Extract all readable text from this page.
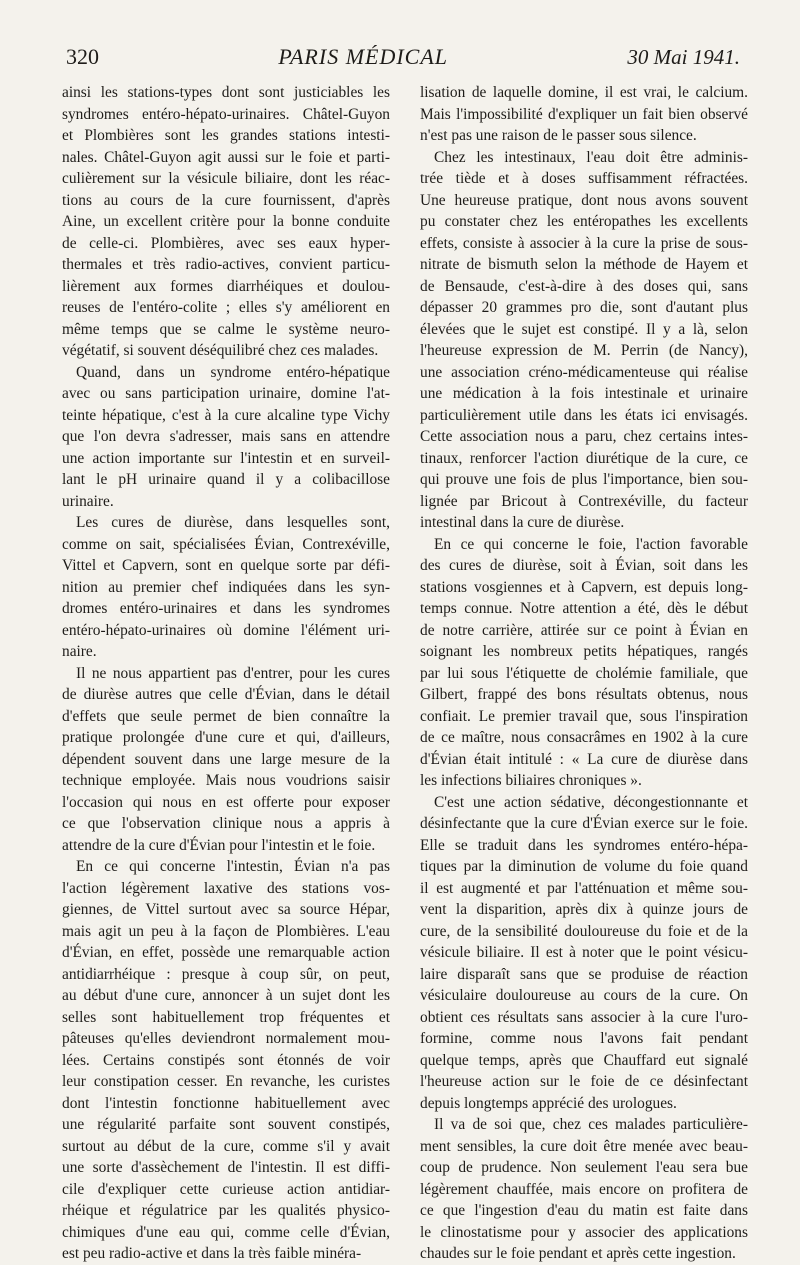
320	PARIS MÉDICAL	30 Mai 1941.

ainsi les stations-types dont sont justiciables les
syndromes entéro-hépato-urinaires. Châtel-Guyon
et Plombières sont les grandes stations intesti-
nales. Châtel-Guyon agit aussi sur le foie et parti-
culièrement sur la vésicule biliaire, dont les réac-
tions au cours de la cure fournissent, d'après
Aine, un excellent critère pour la bonne conduite
de celle-ci. Plombières, avec ses eaux hyper-
thermales et très radio-actives, convient particu-
lièrement aux formes diarrhéiques et doulou-
reuses de l'entéro-colite ; elles s'y améliorent en
même temps que se calme le système neuro-
végétatif, si souvent déséquilibré chez ces malades.

Quand, dans un syndrome entéro-hépatique
avec ou sans participation urinaire, domine l'at-
teinte hépatique, c'est à la cure alcaline type Vichy
que l'on devra s'adresser, mais sans en attendre
une action importante sur l'intestin et en surveil-
lant le pH urinaire quand il y a colibacillose
urinaire.

Les cures de diurèse, dans lesquelles sont,
comme on sait, spécialisées Évian, Contrexéville,
Vittel et Capvern, sont en quelque sorte par défi-
nition au premier chef indiquées dans les syn-
dromes entéro-urinaires et dans les syndromes
entéro-hépato-urinaires où domine l'élément uri-
naire.

Il ne nous appartient pas d'entrer, pour les cures
de diurèse autres que celle d'Évian, dans le détail
d'effets que seule permet de bien connaître la
pratique prolongée d'une cure et qui, d'ailleurs,
dépendent souvent dans une large mesure de la
technique employée. Mais nous voudrions saisir
l'occasion qui nous en est offerte pour exposer
ce que l'observation clinique nous a appris à
attendre de la cure d'Évian pour l'intestin et le foie.

En ce qui concerne l'intestin, Évian n'a pas
l'action légèrement laxative des stations vos-
giennes, de Vittel surtout avec sa source Hépar,
mais agit un peu à la façon de Plombières. L'eau
d'Évian, en effet, possède une remarquable action
antidiarrhéique : presque à coup sûr, on peut,
au début d'une cure, annoncer à un sujet dont les
selles sont habituellement trop fréquentes et
pâteuses qu'elles deviendront normalement mou-
lées. Certains constipés sont étonnés de voir
leur constipation cesser. En revanche, les curistes
dont l'intestin fonctionne habituellement avec
une régularité parfaite sont souvent constipés,
surtout au début de la cure, comme s'il y avait
une sorte d'assèchement de l'intestin. Il est diffi-
cile d'expliquer cette curieuse action antidiar-
rhéique et régulatrice par les qualités physico-
chimiques d'une eau qui, comme celle d'Évian,
est peu radio-active et dans la très faible minéra-

lisation de laquelle domine, il est vrai, le calcium.
Mais l'impossibilité d'expliquer un fait bien observé
n'est pas une raison de le passer sous silence.

Chez les intestinaux, l'eau doit être adminis-
trée tiède et à doses suffisamment réfractées.
Une heureuse pratique, dont nous avons souvent
pu constater chez les entéropathes les excellents
effets, consiste à associer à la cure la prise de sous-
nitrate de bismuth selon la méthode de Hayem et
de Bensaude, c'est-à-dire à des doses qui, sans
dépasser 20 grammes pro die, sont d'autant plus
élevées que le sujet est constipé. Il y a là, selon
l'heureuse expression de M. Perrin (de Nancy),
une association créno-médicamenteuse qui réalise
une médication à la fois intestinale et urinaire
particulièrement utile dans les états ici envisagés.
Cette association nous a paru, chez certains intes-
tinaux, renforcer l'action diurétique de la cure, ce
qui prouve une fois de plus l'importance, bien sou-
lignée par Bricout à Contrexéville, du facteur
intestinal dans la cure de diurèse.

En ce qui concerne le foie, l'action favorable
des cures de diurèse, soit à Évian, soit dans les
stations vosgiennes et à Capvern, est depuis long-
temps connue. Notre attention a été, dès le début
de notre carrière, attirée sur ce point à Évian en
soignant les nombreux petits hépatiques, rangés
par lui sous l'étiquette de cholémie familiale, que
Gilbert, frappé des bons résultats obtenus, nous
confiait. Le premier travail que, sous l'inspiration
de ce maître, nous consacrâmes en 1902 à la cure
d'Évian était intitulé : « La cure de diurèse dans
les infections biliaires chroniques ».

C'est une action sédative, décongestionnante et
désinfectante que la cure d'Évian exerce sur le foie.
Elle se traduit dans les syndromes entéro-hépa-
tiques par la diminution de volume du foie quand
il est augmenté et par l'atténuation et même sou-
vent la disparition, après dix à quinze jours de
cure, de la sensibilité douloureuse du foie et de la
vésicule biliaire. Il est à noter que le point vésicu-
laire disparaît sans que se produise de réaction
vésiculaire douloureuse au cours de la cure. On
obtient ces résultats sans associer à la cure l'uro-
formine, comme nous l'avons fait pendant
quelque temps, après que Chauffard eut signalé
l'heureuse action sur le foie de ce désinfectant
depuis longtemps apprécié des urologues.

Il va de soi que, chez ces malades particulière-
ment sensibles, la cure doit être menée avec beau-
coup de prudence. Non seulement l'eau sera bue
légèrement chauffée, mais encore on profitera de
ce que l'ingestion d'eau du matin est faite dans
le clinostatisme pour y associer des applications
chaudes sur le foie pendant et après cette ingestion.
